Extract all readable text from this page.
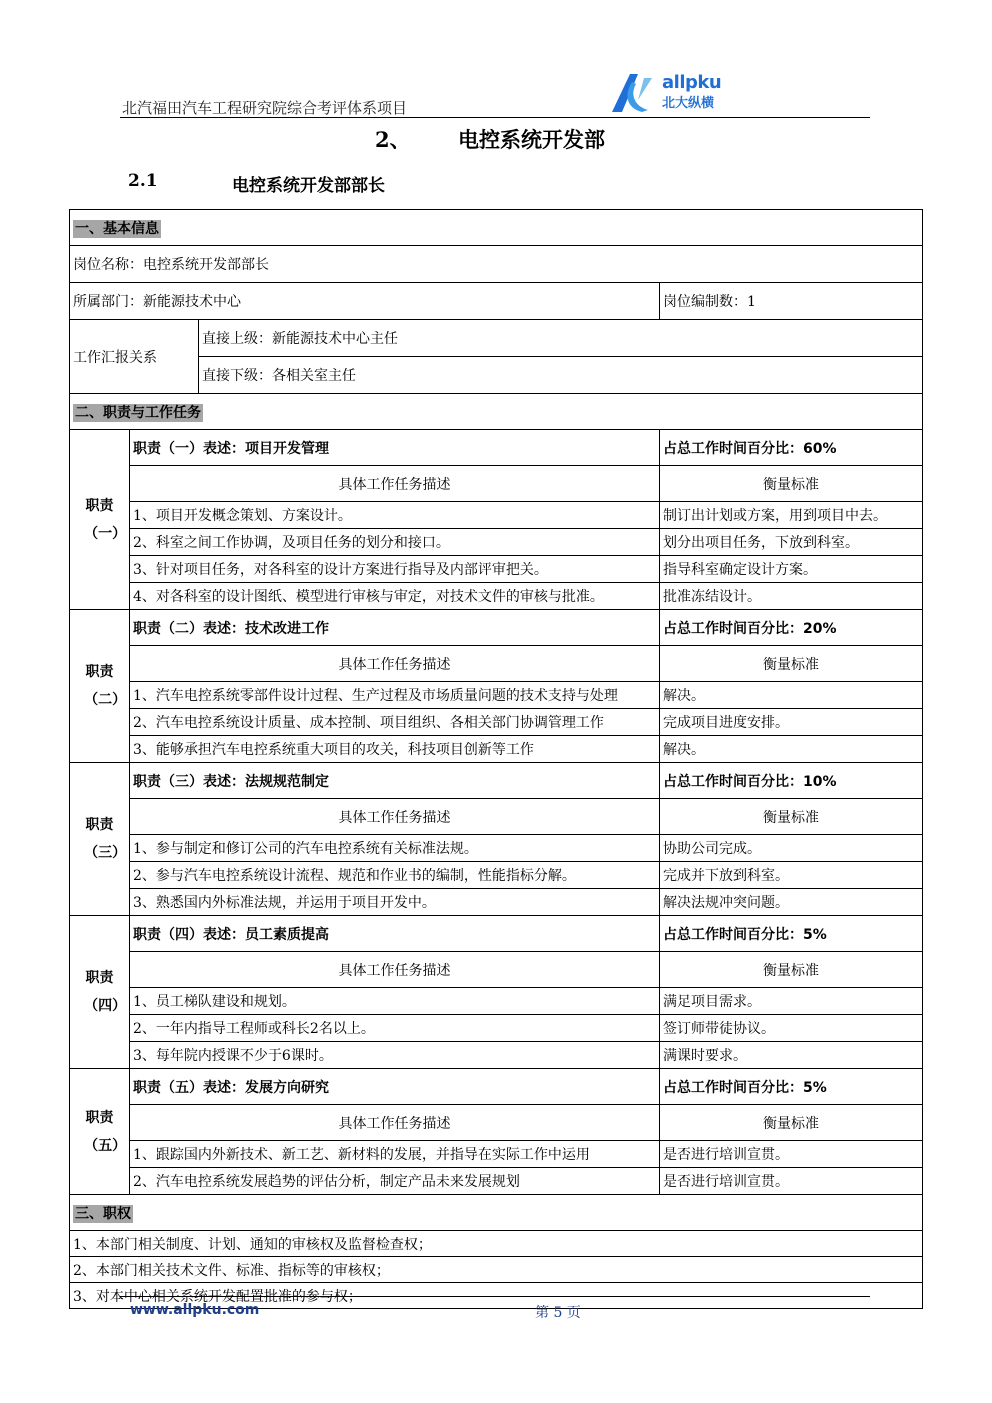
北汽福田汽车工程研究院综合考评体系项目
allpku
北大纵横
2、 电控系统开发部
2.1	电控系统开发部部长
一、基本信息			
岗位名称：电控系统开发部部长			
所属部门：新能源技术中心			岗位编制数：1
工作汇报关系		直接上级：新能源技术中心主任	
		直接下级：各相关室主任	
二、职责与工作任务			

职责（一）	职责（一）表述：项目开发管理		占总工作时间百分比：60%
	具体工作任务描述		衡量标准
	1、项目开发概念策划、方案设计。		制订出计划或方案，用到项目中去。
	2、科室之间工作协调，及项目任务的划分和接口。		划分出项目任务，下放到科室。
	3、针对项目任务，对各科室的设计方案进行指导及内部评审把关。		指导科室确定设计方案。
	4、对各科室的设计图纸、模型进行审核与审定，对技术文件的审核与批准。		批准冻结设计。

职责（二）	职责（二）表述：技术改进工作		占总工作时间百分比：20%
	具体工作任务描述		衡量标准
	1、汽车电控系统零部件设计过程、生产过程及市场质量问题的技术支持与处理		解决。
	2、汽车电控系统设计质量、成本控制、项目组织、各相关部门协调管理工作		完成项目进度安排。
	3、能够承担汽车电控系统重大项目的攻关，科技项目创新等工作		解决。

职责（三）	职责（三）表述：法规规范制定		占总工作时间百分比：10%
	具体工作任务描述		衡量标准
	1、参与制定和修订公司的汽车电控系统有关标准法规。		协助公司完成。
	2、参与汽车电控系统设计流程、规范和作业书的编制，性能指标分解。		完成并下放到科室。
	3、熟悉国内外标准法规，并运用于项目开发中。		解决法规冲突问题。

职责（四）	职责（四）表述：员工素质提高		占总工作时间百分比：5%
	具体工作任务描述		衡量标准
	1、员工梯队建设和规划。		满足项目需求。
	2、一年内指导工程师或科长2名以上。		签订师带徒协议。
	3、每年院内授课不少于6课时。		满课时要求。

职责（五）	职责（五）表述：发展方向研究		占总工作时间百分比：5%
	具体工作任务描述		衡量标准
	1、跟踪国内外新技术、新工艺、新材料的发展，并指导在实际工作中运用		是否进行培训宣贯。
	2、汽车电控系统发展趋势的评估分析，制定产品未来发展规划		是否进行培训宣贯。
三、职权			
1、本部门相关制度、计划、通知的审核权及监督检查权；			
2、本部门相关技术文件、标准、指标等的审核权；			
3、对本中心相关系统开发配置批准的参与权；			
www.allpku.com	第 5 页
